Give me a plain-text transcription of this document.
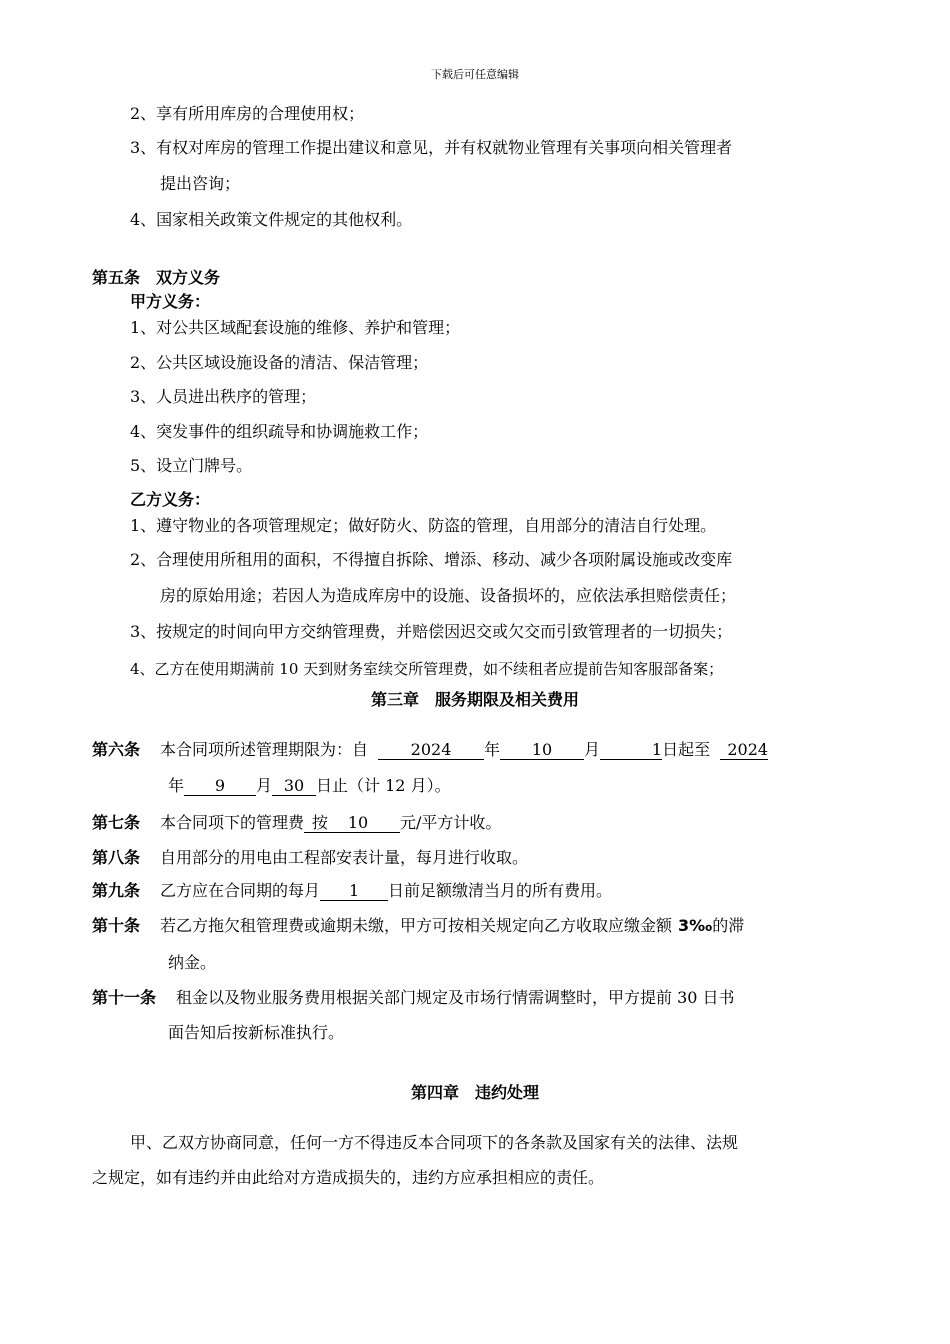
下载后可任意编辑
2、享有所用库房的合理使用权；
3、有权对库房的管理工作提出建议和意见，并有权就物业管理有关事项向相关管理者
提出咨询；
4、国家相关政策文件规定的其他权利。
第五条　双方义务
甲方义务：
1、对公共区域配套设施的维修、养护和管理；
2、公共区域设施设备的清洁、保洁管理；
3、人员进出秩序的管理；
4、突发事件的组织疏导和协调施救工作；
5、设立门牌号。
乙方义务：
1、遵守物业的各项管理规定；做好防火、防盗的管理，自用部分的清洁自行处理。
2、合理使用所租用的面积，不得擅自拆除、增添、移动、减少各项附属设施或改变库
房的原始用途；若因人为造成库房中的设施、设备损坏的，应依法承担赔偿责任；
3、按规定的时间向甲方交纳管理费，并赔偿因迟交或欠交而引致管理者的一切损失；
4、乙方在使用期满前 10 天到财务室续交所管理费，如不续租者应提前告知客服部备案；
第三章　服务期限及相关费用
第六条 本合同项所述管理期限为：自	2024 年 10 月	1日起至 2024
年 9 月 30 日止（计 12 月）。
第七条 本合同项下的管理费 按 10 元/平方计收。
第八条 自用部分的用电由工程部安表计量，每月进行收取。
第九条 乙方应在合同期的每月 1 日前足额缴清当月的所有费用。
第十条 若乙方拖欠租管理费或逾期未缴，甲方可按相关规定向乙方收取应缴金额 3‰的滞
纳金。
第十一条 租金以及物业服务费用根据关部门规定及市场行情需调整时，甲方提前 30 日书
面告知后按新标准执行。
第四章　违约处理
甲、乙双方协商同意，任何一方不得违反本合同项下的各条款及国家有关的法律、法规
之规定，如有违约并由此给对方造成损失的，违约方应承担相应的责任。
